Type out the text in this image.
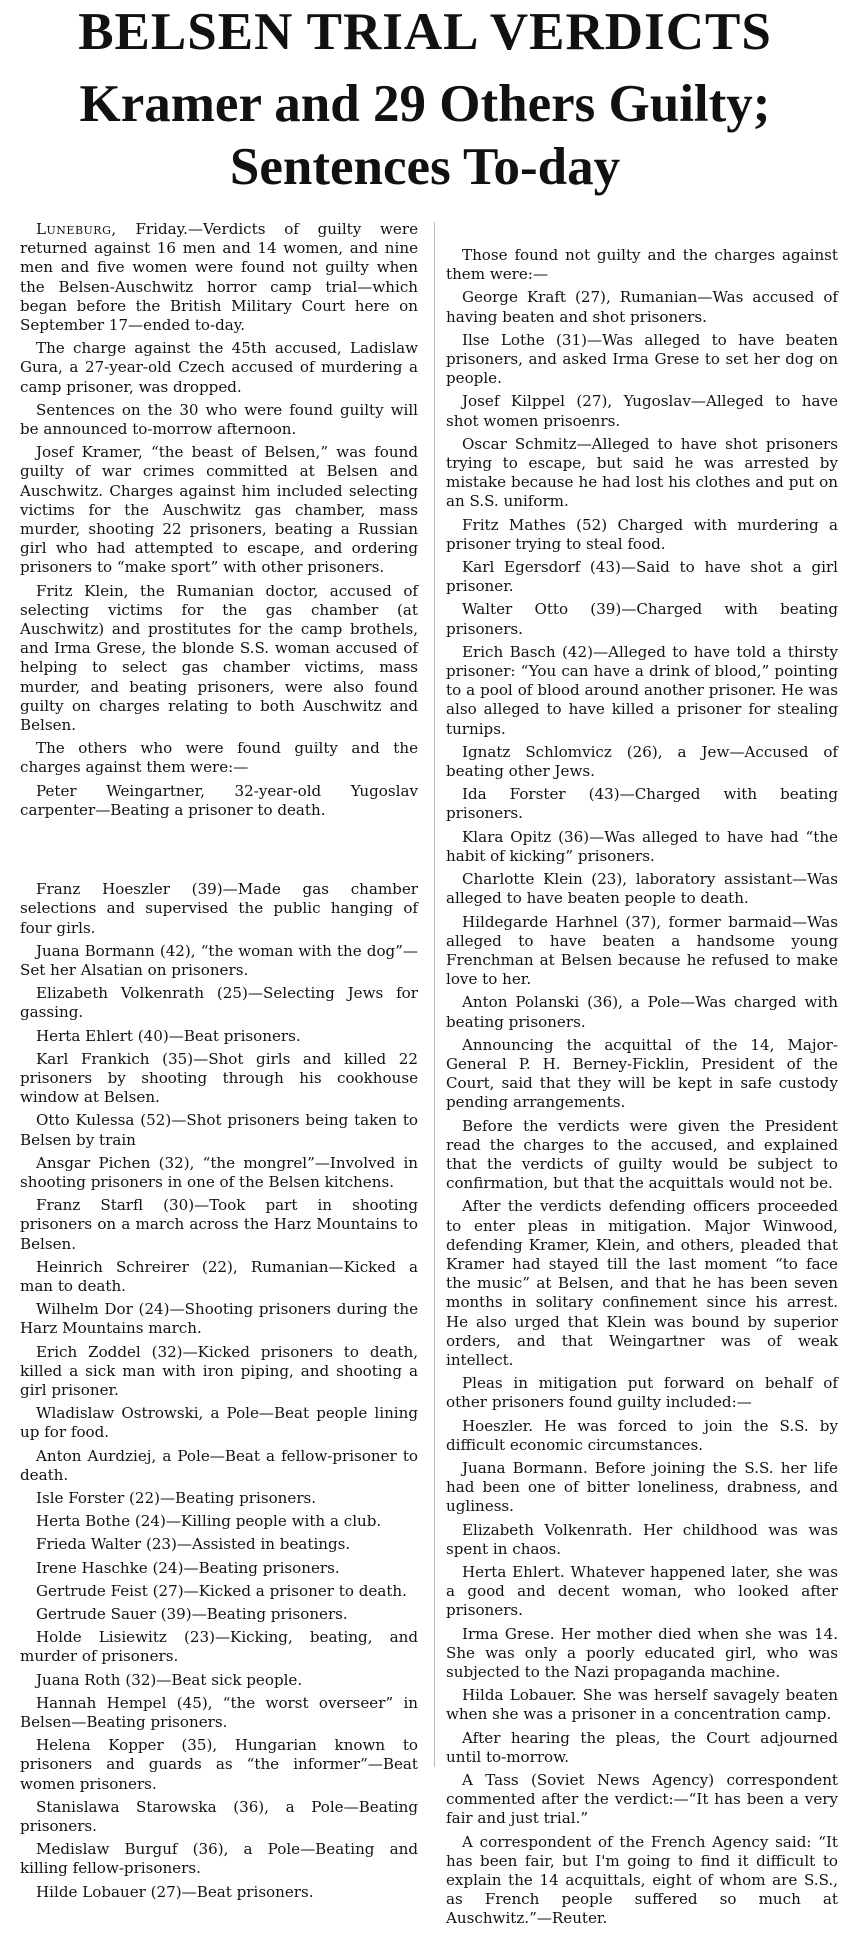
BELSEN TRIAL VERDICTS
Kramer and 29 Others Guilty;
Sentences To-day

Luneburg, Friday.—Verdicts of guilty were returned against 16 men and 14 women, and nine men and five women were found not guilty when the Belsen-Auschwitz horror camp trial—which began before the British Military Court here on September 17—ended to-day.

The charge against the 45th accused, Ladislaw Gura, a 27-year-old Czech accused of murdering a camp prisoner, was dropped.

Sentences on the 30 who were found guilty will be announced to-morrow afternoon.

Josef Kramer, “the beast of Belsen,” was found guilty of war crimes committed at Belsen and Auschwitz. Charges against him included selecting victims for the Auschwitz gas chamber, mass murder, shooting 22 prisoners, beating a Russian girl who had attempted to escape, and ordering prisoners to “make sport” with other prisoners.

Fritz Klein, the Rumanian doctor, accused of selecting victims for the gas chamber (at Auschwitz) and prostitutes for the camp brothels, and Irma Grese, the blonde S.S. woman accused of helping to select gas chamber victims, mass murder, and beating prisoners, were also found guilty on charges relating to both Auschwitz and Belsen.

The others who were found guilty and the charges against them were:—

Peter Weingartner, 32-year-old Yugoslav carpenter—Beating a prisoner to death.

Franz Hoeszler (39)—Made gas chamber selections and supervised the public hanging of four girls.

Juana Bormann (42), “the woman with the dog”—Set her Alsatian on prisoners.

Elizabeth Volkenrath (25)—Selecting Jews for gassing.

Herta Ehlert (40)—Beat prisoners.

Karl Frankich (35)—Shot girls and killed 22 prisoners by shooting through his cookhouse window at Belsen.

Otto Kulessa (52)—Shot prisoners being taken to Belsen by train

Ansgar Pichen (32), “the mongrel”—Involved in shooting prisoners in one of the Belsen kitchens.

Franz Starfl (30)—Took part in shooting prisoners on a march across the Harz Mountains to Belsen.

Heinrich Schreirer (22), Rumanian—Kicked a man to death.

Wilhelm Dor (24)—Shooting prisoners during the Harz Mountains march.

Erich Zoddel (32)—Kicked prisoners to death, killed a sick man with iron piping, and shooting a girl prisoner.

Wladislaw Ostrowski, a Pole—Beat people lining up for food.

Anton Aurdziej, a Pole—Beat a fellow-prisoner to death.

Isle Forster (22)—Beating prisoners.

Herta Bothe (24)—Killing people with a club.

Frieda Walter (23)—Assisted in beatings.

Irene Haschke (24)—Beating prisoners.

Gertrude Feist (27)—Kicked a prisoner to death.

Gertrude Sauer (39)—Beating prisoners.

Holde Lisiewitz (23)—Kicking, beating, and murder of prisoners.

Juana Roth (32)—Beat sick people.

Hannah Hempel (45), “the worst overseer” in Belsen—Beating prisoners.

Helena Kopper (35), Hungarian known to prisoners and guards as “the informer”—Beat women prisoners.

Stanislawa Starowska (36), a Pole—Beating prisoners.

Medislaw Burguf (36), a Pole—Beating and killing fellow-prisoners.

Hilde Lobauer (27)—Beat prisoners.

Those found not guilty and the charges against them were:—

George Kraft (27), Rumanian—Was accused of having beaten and shot prisoners.

Ilse Lothe (31)—Was alleged to have beaten prisoners, and asked Irma Grese to set her dog on people.

Josef Kilppel (27), Yugoslav—Alleged to have shot women prisoenrs.

Oscar Schmitz—Alleged to have shot prisoners trying to escape, but said he was arrested by mistake because he had lost his clothes and put on an S.S. uniform.

Fritz Mathes (52) Charged with murdering a prisoner trying to steal food.

Karl Egersdorf (43)—Said to have shot a girl prisoner.

Walter Otto (39)—Charged with beating prisoners.

Erich Basch (42)—Alleged to have told a thirsty prisoner: “You can have a drink of blood,” pointing to a pool of blood around another prisoner. He was also alleged to have killed a prisoner for stealing turnips.

Ignatz Schlomvicz (26), a Jew—Accused of beating other Jews.

Ida Forster (43)—Charged with beating prisoners.

Klara Opitz (36)—Was alleged to have had “the habit of kicking” prisoners.

Charlotte Klein (23), laboratory assistant—Was alleged to have beaten people to death.

Hildegarde Harhnel (37), former barmaid—Was alleged to have beaten a handsome young Frenchman at Belsen because he refused to make love to her.

Anton Polanski (36), a Pole—Was charged with beating prisoners.

Announcing the acquittal of the 14, Major-General P. H. Berney-Ficklin, President of the Court, said that they will be kept in safe custody pending arrangements.

Before the verdicts were given the President read the charges to the accused, and explained that the verdicts of guilty would be subject to confirmation, but that the acquittals would not be.

After the verdicts defending officers proceeded to enter pleas in mitigation. Major Winwood, defending Kramer, Klein, and others, pleaded that Kramer had stayed till the last moment “to face the music” at Belsen, and that he has been seven months in solitary confinement since his arrest. He also urged that Klein was bound by superior orders, and that Weingartner was of weak intellect.

Pleas in mitigation put forward on behalf of other prisoners found guilty included:—

Hoeszler. He was forced to join the S.S. by difficult economic circumstances.

Juana Bormann. Before joining the S.S. her life had been one of bitter loneliness, drabness, and ugliness.

Elizabeth Volkenrath. Her childhood was was spent in chaos.

Herta Ehlert. Whatever happened later, she was a good and decent woman, who looked after prisoners.

Irma Grese. Her mother died when she was 14. She was only a poorly educated girl, who was subjected to the Nazi propaganda machine.

Hilda Lobauer. She was herself savagely beaten when she was a prisoner in a concentration camp.

After hearing the pleas, the Court adjourned until to-morrow.

A Tass (Soviet News Agency) correspondent commented after the verdict:—“It has been a very fair and just trial.”

A correspondent of the French Agency said: “It has been fair, but I'm going to find it difficult to explain the 14 acquittals, eight of whom are S.S., as French people suffered so much at Auschwitz.”—Reuter.
